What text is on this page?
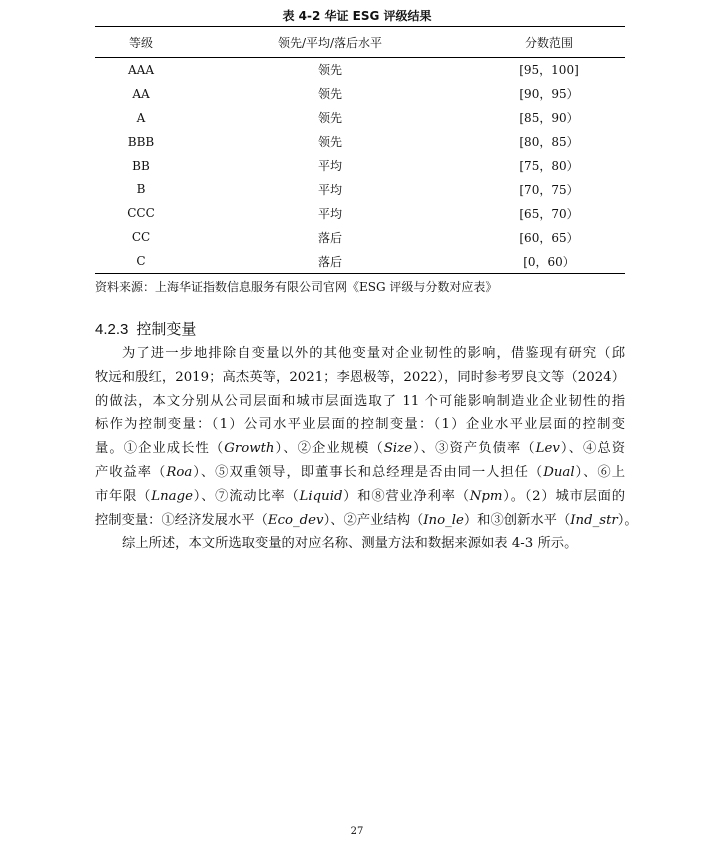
表 4-2 华证 ESG 评级结果
等级	领先/平均/落后水平	分数范围
AAA	领先	[95，100]
AA	领先	[90，95）
A	领先	[85，90）
BBB	领先	[80，85）
BB	平均	[75，80）
B	平均	[70，75）
CCC	平均	[65，70）
CC	落后	[60，65）
C	落后	[0，60）
资料来源：上海华证指数信息服务有限公司官网《ESG 评级与分数对应表》
4.2.3 控制变量
为了进一步地排除自变量以外的其他变量对企业韧性的影响，借鉴现有研究（邱
牧远和殷红，2019；高杰英等，2021；李恩极等，2022），同时参考罗良文等（2024）
的做法，本文分别从公司层面和城市层面选取了 11 个可能影响制造业企业韧性的指
标作为控制变量：（1）公司水平业层面的控制变量：（1）企业水平业层面的控制变
量。①企业成长性（Growth）、②企业规模（Size）、③资产负债率（Lev）、④总资
产收益率（Roa）、⑤双重领导，即董事长和总经理是否由同一人担任（Dual）、⑥上
市年限（Lnage）、⑦流动比率（Liquid）和⑧营业净利率（Npm）。（2）城市层面的
控制变量：①经济发展水平（Eco_dev）、②产业结构（Ino_le）和③创新水平（Ind_str）。
综上所述，本文所选取变量的对应名称、测量方法和数据来源如表 4-3 所示。
27
